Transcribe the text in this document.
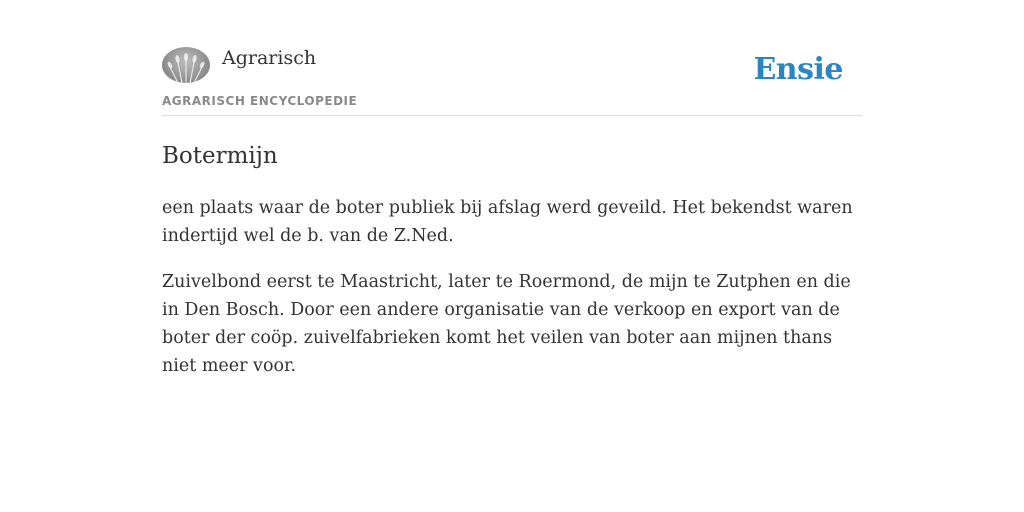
Agrarisch
AGRARISCH ENCYCLOPEDIE
Ensie
Botermijn

een plaats waar de boter publiek bij afslag werd geveild. Het bekendst waren indertijd wel de b. van de Z.Ned.

Zuivelbond eerst te Maastricht, later te Roermond, de mijn te Zutphen en die in Den Bosch. Door een andere organisatie van de verkoop en export van de boter der coöp. zuivelfabrieken komt het veilen van boter aan mijnen thans niet meer voor.
